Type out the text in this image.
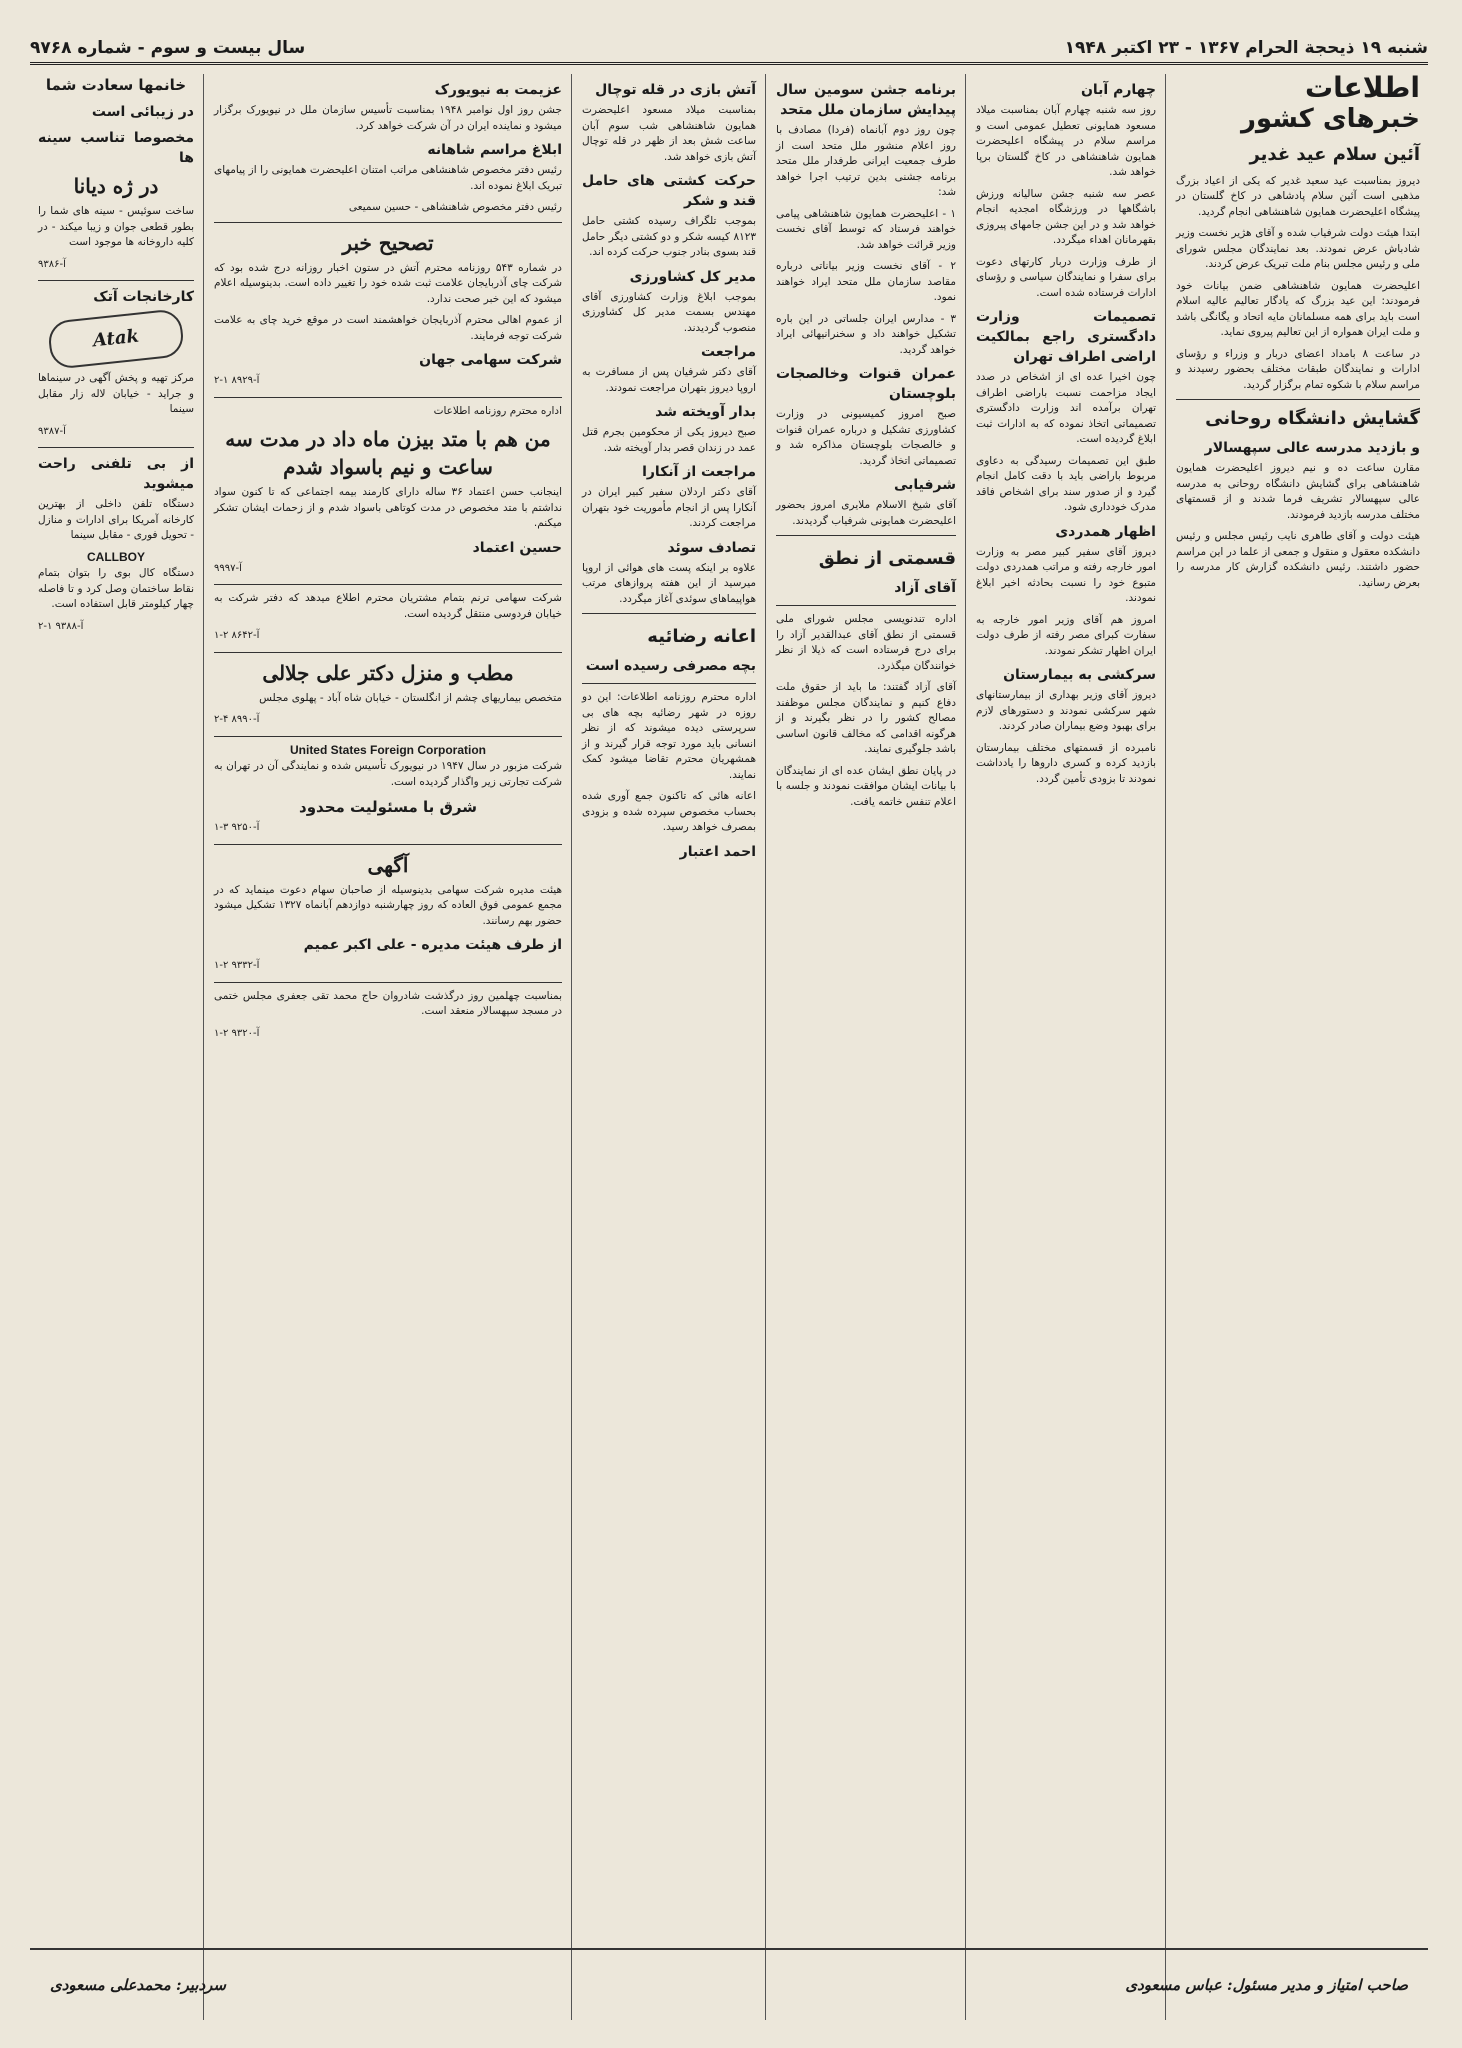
شنبه ۱۹ ذیحجة الحرام ۱۳۶۷ - ۲۳ اکتبر ۱۹۴۸
سال بیست و سوم - شماره ۹۷۶۸
اطلاعات
خبرهای کشور
آئین سلام عید غدیر

دیروز بمناسبت عید سعید غدیر که یکی از اعیاد بزرگ مذهبی است آئین سلام پادشاهی در کاخ گلستان در پیشگاه اعلیحضرت همایون شاهنشاهی انجام گردید.

ابتدا هیئت دولت شرفیاب شده و آقای هژیر نخست وزیر شادباش عرض نمودند. بعد نمایندگان مجلس شورای ملی و رئیس مجلس بنام ملت تبریک عرض کردند.

اعلیحضرت همایون شاهنشاهی ضمن بیانات خود فرمودند: این عید بزرگ که یادگار تعالیم عالیه اسلام است باید برای همه مسلمانان مایه اتحاد و یگانگی باشد و ملت ایران همواره از این تعالیم پیروی نماید.

در ساعت ۸ بامداد اعضای دربار و وزراء و رؤسای ادارات و نمایندگان طبقات مختلف بحضور رسیدند و مراسم سلام با شکوه تمام برگزار گردید.

گشایش دانشگاه روحانی
و بازدید مدرسه عالی سپهسالار

مقارن ساعت ده و نیم دیروز اعلیحضرت همایون شاهنشاهی برای گشایش دانشگاه روحانی به مدرسه عالی سپهسالار تشریف فرما شدند و از قسمتهای مختلف مدرسه بازدید فرمودند.

هیئت دولت و آقای طاهری نایب رئیس مجلس و رئیس دانشکده معقول و منقول و جمعی از علما در این مراسم حضور داشتند. رئیس دانشکده گزارش کار مدرسه را بعرض رسانید.

چهارم آبان

روز سه شنبه چهارم آبان بمناسبت میلاد مسعود همایونی تعطیل عمومی است و مراسم سلام در پیشگاه اعلیحضرت همایون شاهنشاهی در کاخ گلستان برپا خواهد شد.

عصر سه شنبه جشن سالیانه ورزش باشگاهها در ورزشگاه امجدیه انجام خواهد شد و در این جشن جامهای پیروزی بقهرمانان اهداء میگردد.

از طرف وزارت دربار کارتهای دعوت برای سفرا و نمایندگان سیاسی و رؤسای ادارات فرستاده شده است.

تصمیمات وزارت دادگستری راجع بمالکیت اراضی اطراف تهران

چون اخیرا عده ای از اشخاص در صدد ایجاد مزاحمت نسبت باراضی اطراف تهران برآمده اند وزارت دادگستری تصمیماتی اتخاذ نموده که به ادارات ثبت ابلاغ گردیده است.

طبق این تصمیمات رسیدگی به دعاوی مربوط باراضی باید با دقت کامل انجام گیرد و از صدور سند برای اشخاص فاقد مدرک خودداری شود.

اظهار همدردی

دیروز آقای سفیر کبیر مصر به وزارت امور خارجه رفته و مراتب همدردی دولت متبوع خود را نسبت بحادثه اخیر ابلاغ نمودند.

امروز هم آقای وزیر امور خارجه به سفارت کبرای مصر رفته از طرف دولت ایران اظهار تشکر نمودند.

سرکشی به بیمارستان

دیروز آقای وزیر بهداری از بیمارستانهای شهر سرکشی نمودند و دستورهای لازم برای بهبود وضع بیماران صادر کردند.

نامبرده از قسمتهای مختلف بیمارستان بازدید کرده و کسری داروها را یادداشت نمودند تا بزودی تأمین گردد.

برنامه جشن سومین سال پیدایش سازمان ملل متحد

چون روز دوم آبانماه (فردا) مصادف با روز اعلام منشور ملل متحد است از طرف جمعیت ایرانی طرفدار ملل متحد برنامه جشنی بدین ترتیب اجرا خواهد شد:

۱ - اعلیحضرت همایون شاهنشاهی پیامی خواهند فرستاد که توسط آقای نخست وزیر قرائت خواهد شد.

۲ - آقای نخست وزیر بیاناتی درباره مقاصد سازمان ملل متحد ایراد خواهند نمود.

۳ - مدارس ایران جلساتی در این باره تشکیل خواهند داد و سخنرانیهائی ایراد خواهد گردید.

عمران قنوات وخالصجات بلوچستان

صبح امروز کمیسیونی در وزارت کشاورزی تشکیل و درباره عمران قنوات و خالصجات بلوچستان مذاکره شد و تصمیماتی اتخاذ گردید.

شرفیابی

آقای شیخ الاسلام ملایری امروز بحضور اعلیحضرت همایونی شرفیاب گردیدند.

قسمتی از نطق
آقای آزاد

اداره تندنویسی مجلس شورای ملی قسمتی از نطق آقای عبدالقدیر آزاد را برای درج فرستاده است که ذیلا از نظر خوانندگان میگذرد.

آقای آزاد گفتند: ما باید از حقوق ملت دفاع کنیم و نمایندگان مجلس موظفند مصالح کشور را در نظر بگیرند و از هرگونه اقدامی که مخالف قانون اساسی باشد جلوگیری نمایند.

در پایان نطق ایشان عده ای از نمایندگان با بیانات ایشان موافقت نمودند و جلسه با اعلام تنفس خاتمه یافت.

آتش بازی در قله توچال

بمناسبت میلاد مسعود اعلیحضرت همایون شاهنشاهی شب سوم آبان ساعت شش بعد از ظهر در قله توچال آتش بازی خواهد شد.

حرکت کشتی های حامل قند و شکر

بموجب تلگراف رسیده کشتی حامل ۸۱۲۳ کیسه شکر و دو کشتی دیگر حامل قند بسوی بنادر جنوب حرکت کرده اند.

مدیر کل کشاورزی

بموجب ابلاغ وزارت کشاورزی آقای مهندس بسمت مدیر کل کشاورزی منصوب گردیدند.

مراجعت

آقای دکتر شرفیان پس از مسافرت به اروپا دیروز بتهران مراجعت نمودند.

بدار آویخته شد

صبح دیروز یکی از محکومین بجرم قتل عمد در زندان قصر بدار آویخته شد.

مراجعت از آنکارا

آقای دکتر اردلان سفیر کبیر ایران در آنکارا پس از انجام مأموریت خود بتهران مراجعت کردند.

تصادف سوئد

علاوه بر اینکه پست های هوائی از اروپا میرسید از این هفته پروازهای مرتب هواپیماهای سوئدی آغاز میگردد.

اعانه رضائیه
بچه مصرفی رسیده است

اداره محترم روزنامه اطلاعات: این دو روزه در شهر رضائیه بچه های بی سرپرستی دیده میشوند که از نظر انسانی باید مورد توجه قرار گیرند و از همشهریان محترم تقاضا میشود کمک نمایند.

اعانه هائی که تاکنون جمع آوری شده بحساب مخصوص سپرده شده و بزودی بمصرف خواهد رسید.

احمد اعتبار
عزیمت به نیویورک

جشن روز اول نوامبر ۱۹۴۸ بمناسبت تأسیس سازمان ملل در نیویورک برگزار میشود و نماینده ایران در آن شرکت خواهد کرد.

ابلاغ مراسم شاهانه

رئیس دفتر مخصوص شاهنشاهی مراتب امتنان اعلیحضرت همایونی را از پیامهای تبریک ابلاغ نموده اند.

رئیس دفتر مخصوص شاهنشاهی - حسین سمیعی

تصحیح خبر

در شماره ۵۴۳ روزنامه محترم آتش در ستون اخبار روزانه درج شده بود که شرکت چای آذربایجان علامت ثبت شده خود را تغییر داده است. بدینوسیله اعلام میشود که این خبر صحت ندارد.

از عموم اهالی محترم آذربایجان خواهشمند است در موقع خرید چای به علامت شرکت توجه فرمایند.

شرکت سهامی جهان
آ-۸۹۲۹ ۱-۲

اداره محترم روزنامه اطلاعات

من هم با متد بیزن ماه داد در مدت سه ساعت و نیم باسواد شدم

اینجانب حسن اعتماد ۳۶ ساله دارای کارمند بیمه اجتماعی که تا کنون سواد نداشتم با متد مخصوص در مدت کوتاهی باسواد شدم و از زحمات ایشان تشکر میکنم.

حسین اعتماد
آ-۹۹۹۷

شرکت سهامی ترنم بتمام مشتریان محترم اطلاع میدهد که دفتر شرکت به خیابان فردوسی منتقل گردیده است.

آ-۸۶۴۲ ۲-۱
مطب و منزل دکتر علی جلالی

متخصص بیماریهای چشم از انگلستان - خیابان شاه آباد - پهلوی مجلس

آ-۸۹۹۰ ۴-۲
United States Foreign Corporation

شرکت مزبور در سال ۱۹۴۷ در نیویورک تأسیس شده و نمایندگی آن در تهران به شرکت تجارتی زیر واگذار گردیده است.

شرق با مسئولیت محدود
آ-۹۲۵۰ ۳-۱
آگهی

هیئت مدیره شرکت سهامی بدینوسیله از صاحبان سهام دعوت مینماید که در مجمع عمومی فوق العاده که روز چهارشنبه دوازدهم آبانماه ۱۳۲۷ تشکیل میشود حضور بهم رسانند.

از طرف هیئت مدیره - علی اکبر عمیم
آ-۹۳۳۲ ۲-۱

بمناسبت چهلمین روز درگذشت شادروان حاج محمد تقی جعفری مجلس ختمی در مسجد سپهسالار منعقد است.

آ-۹۳۲۰ ۲-۱
خانمها سعادت شما
در زیبائی است
مخصوصا تناسب سینه ها
در ژه دیانا

ساخت سوئیس - سینه های شما را بطور قطعی جوان و زیبا میکند - در کلیه داروخانه ها موجود است

آ-۹۳۸۶
کارخانجات آتک
Atak

مرکز تهیه و پخش آگهی در سینماها و جراید - خیابان لاله زار مقابل سینما

آ-۹۳۸۷
از بی تلفنی راحت میشوید

دستگاه تلفن داخلی از بهترین کارخانه آمریکا برای ادارات و منازل - تحویل فوری - مقابل سینما

CALLBOY

دستگاه کال بوی را بتوان بتمام نقاط ساختمان وصل کرد و تا فاصله چهار کیلومتر قابل استفاده است.

آ-۹۳۸۸ ۱-۲
صاحب امتیاز و مدیر مسئول: عباس مسعودی
سردبیر: محمدعلی مسعودی
